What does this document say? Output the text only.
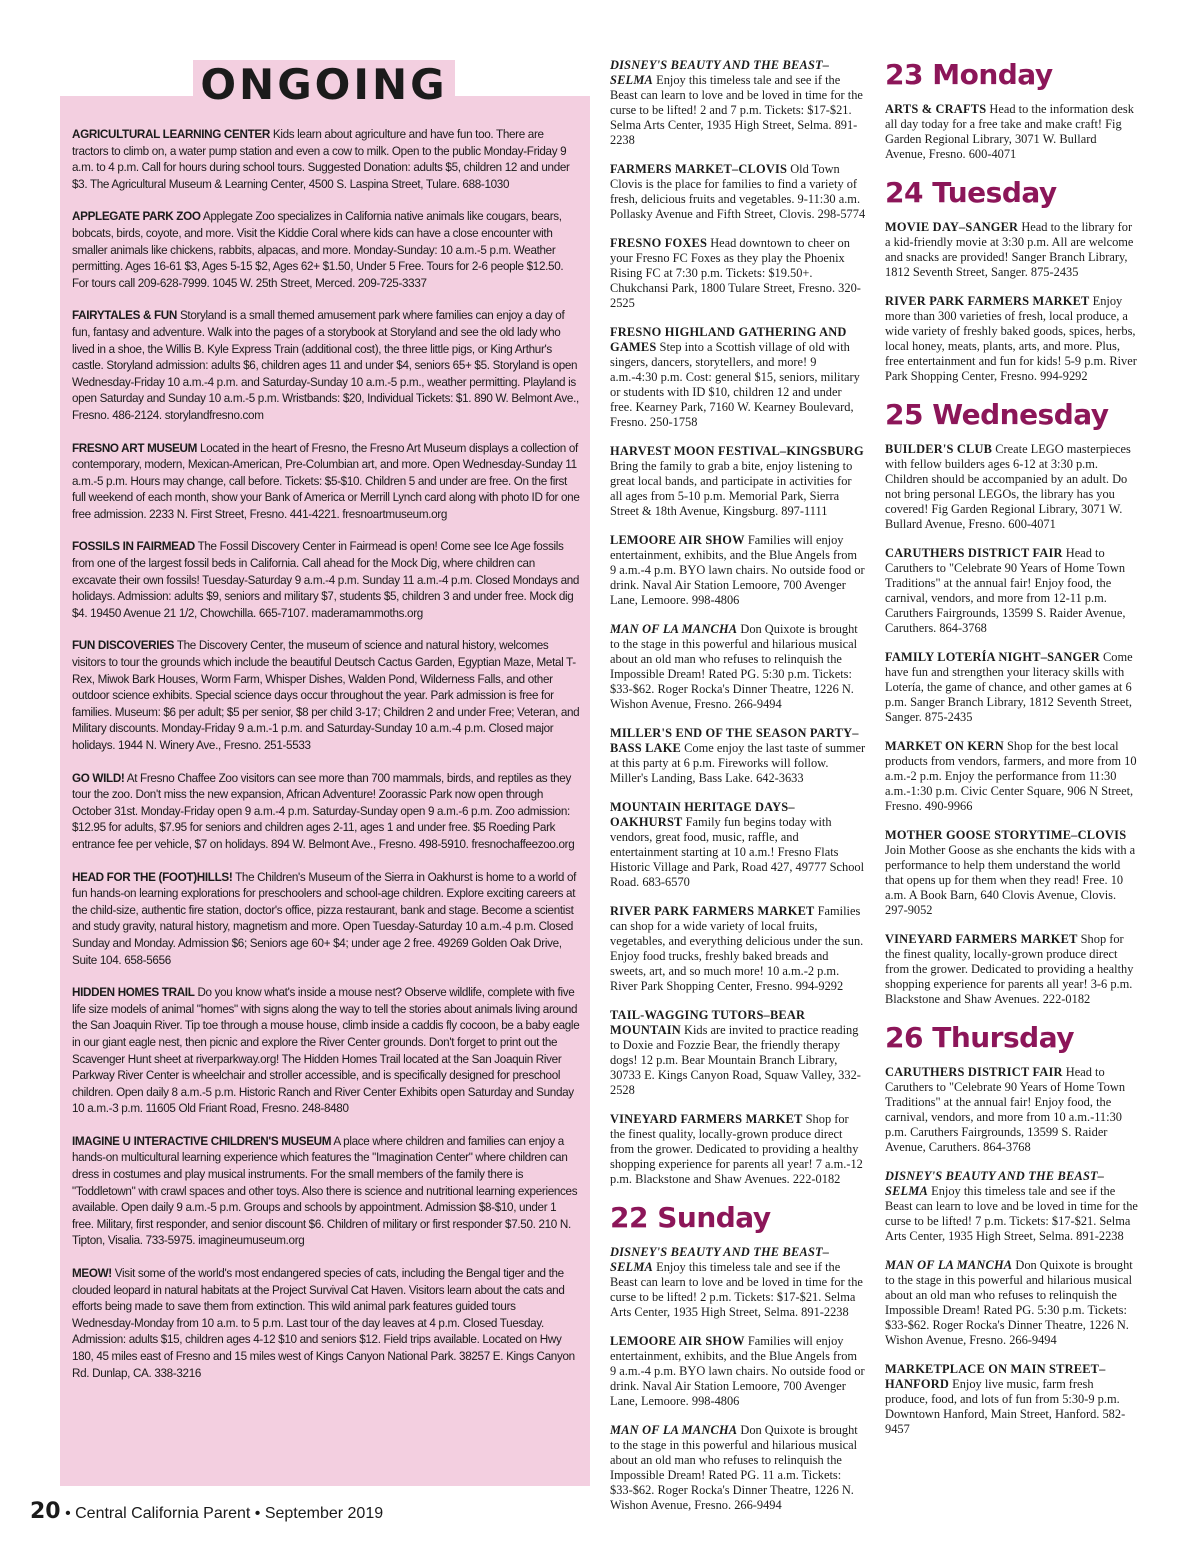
AGRICULTURAL LEARNING CENTER Kids learn about agriculture and have fun too. There are tractors to climb on, a water pump station and even a cow to milk. Open to the public Monday-Friday 9 a.m. to 4 p.m. Call for hours during school tours. Suggested Donation: adults $5, children 12 and under $3. The Agricultural Museum & Learning Center, 4500 S. Laspina Street, Tulare. 688-1030
APPLEGATE PARK ZOO Applegate Zoo specializes in California native animals like cougars, bears, bobcats, birds, coyote, and more. Visit the Kiddie Coral where kids can have a close encounter with smaller animals like chickens, rabbits, alpacas, and more. Monday-Sunday: 10 a.m.-5 p.m. Weather permitting. Ages 16-61 $3, Ages 5-15 $2, Ages 62+ $1.50, Under 5 Free. Tours for 2-6 people $12.50. For tours call 209-628-7999. 1045 W. 25th Street, Merced. 209-725-3337
FAIRYTALES & FUN Storyland is a small themed amusement park where families can enjoy a day of fun, fantasy and adventure. Walk into the pages of a storybook at Storyland and see the old lady who lived in a shoe, the Willis B. Kyle Express Train (additional cost), the three little pigs, or King Arthur's castle. Storyland admission: adults $6, children ages 11 and under $4, seniors 65+ $5. Storyland is open Wednesday-Friday 10 a.m.-4 p.m. and Saturday-Sunday 10 a.m.-5 p.m., weather permitting. Playland is open Saturday and Sunday 10 a.m.-5 p.m. Wristbands: $20, Individual Tickets: $1. 890 W. Belmont Ave., Fresno. 486-2124. storylandfresno.com
FRESNO ART MUSEUM Located in the heart of Fresno, the Fresno Art Museum displays a collection of contemporary, modern, Mexican-American, Pre-Columbian art, and more. Open Wednesday-Sunday 11 a.m.-5 p.m. Hours may change, call before. Tickets: $5-$10. Children 5 and under are free. On the first full weekend of each month, show your Bank of America or Merrill Lynch card along with photo ID for one free admission. 2233 N. First Street, Fresno. 441-4221. fresnoartmuseum.org
FOSSILS IN FAIRMEAD The Fossil Discovery Center in Fairmead is open! Come see Ice Age fossils from one of the largest fossil beds in California. Call ahead for the Mock Dig, where children can excavate their own fossils! Tuesday-Saturday 9 a.m.-4 p.m. Sunday 11 a.m.-4 p.m. Closed Mondays and holidays. Admission: adults $9, seniors and military $7, students $5, children 3 and under free. Mock dig $4. 19450 Avenue 21 1/2, Chowchilla. 665-7107. maderamammoths.org
FUN DISCOVERIES The Discovery Center, the museum of science and natural history, welcomes visitors to tour the grounds which include the beautiful Deutsch Cactus Garden, Egyptian Maze, Metal T-Rex, Miwok Bark Houses, Worm Farm, Whisper Dishes, Walden Pond, Wilderness Falls, and other outdoor science exhibits. Special science days occur throughout the year. Park admission is free for families. Museum: $6 per adult; $5 per senior, $8 per child 3-17; Children 2 and under Free; Veteran, and Military discounts. Monday-Friday 9 a.m.-1 p.m. and Saturday-Sunday 10 a.m.-4 p.m. Closed major holidays. 1944 N. Winery Ave., Fresno. 251-5533
GO WILD! At Fresno Chaffee Zoo visitors can see more than 700 mammals, birds, and reptiles as they tour the zoo. Don't miss the new expansion, African Adventure! Zoorassic Park now open through October 31st. Monday-Friday open 9 a.m.-4 p.m. Saturday-Sunday open 9 a.m.-6 p.m. Zoo admission: $12.95 for adults, $7.95 for seniors and children ages 2-11, ages 1 and under free. $5 Roeding Park entrance fee per vehicle, $7 on holidays. 894 W. Belmont Ave., Fresno. 498-5910. fresnochaffeezoo.org
HEAD FOR THE (FOOT)HILLS! The Children's Museum of the Sierra in Oakhurst is home to a world of fun hands-on learning explorations for preschoolers and school-age children. Explore exciting careers at the child-size, authentic fire station, doctor's office, pizza restaurant, bank and stage. Become a scientist and study gravity, natural history, magnetism and more. Open Tuesday-Saturday 10 a.m.-4 p.m. Closed Sunday and Monday. Admission $6; Seniors age 60+ $4; under age 2 free. 49269 Golden Oak Drive, Suite 104. 658-5656
HIDDEN HOMES TRAIL Do you know what's inside a mouse nest? Observe wildlife, complete with five life size models of animal "homes" with signs along the way to tell the stories about animals living around the San Joaquin River. Tip toe through a mouse house, climb inside a caddis fly cocoon, be a baby eagle in our giant eagle nest, then picnic and explore the River Center grounds. Don't forget to print out the Scavenger Hunt sheet at riverparkway.org! The Hidden Homes Trail located at the San Joaquin River Parkway River Center is wheelchair and stroller accessible, and is specifically designed for preschool children. Open daily 8 a.m.-5 p.m. Historic Ranch and River Center Exhibits open Saturday and Sunday 10 a.m.-3 p.m. 11605 Old Friant Road, Fresno. 248-8480
IMAGINE U INTERACTIVE CHILDREN'S MUSEUM A place where children and families can enjoy a hands-on multicultural learning experience which features the "Imagination Center" where children can dress in costumes and play musical instruments. For the small members of the family there is "Toddletown" with crawl spaces and other toys. Also there is science and nutritional learning experiences available. Open daily 9 a.m.-5 p.m. Groups and schools by appointment. Admission $8-$10, under 1 free. Military, first responder, and senior discount $6. Children of military or first responder $7.50. 210 N. Tipton, Visalia. 733-5975. imagineumuseum.org
MEOW! Visit some of the world's most endangered species of cats, including the Bengal tiger and the clouded leopard in natural habitats at the Project Survival Cat Haven. Visitors learn about the cats and efforts being made to save them from extinction. This wild animal park features guided tours Wednesday-Monday from 10 a.m. to 5 p.m. Last tour of the day leaves at 4 p.m. Closed Tuesday. Admission: adults $15, children ages 4-12 $10 and seniors $12. Field trips available. Located on Hwy 180, 45 miles east of Fresno and 15 miles west of Kings Canyon National Park. 38257 E. Kings Canyon Rd. Dunlap, CA. 338-3216
ONGOING	DISNEY'S BEAUTY AND THE BEAST–SELMA Enjoy this timeless tale and see if the Beast can learn to love and be loved in time for the curse to be lifted! 2 and 7 p.m. Tickets: $17-$21. Selma Arts Center, 1935 High Street, Selma. 891-2238
FARMERS MARKET–CLOVIS Old Town Clovis is the place for families to find a variety of fresh, delicious fruits and vegetables. 9-11:30 a.m. Pollasky Avenue and Fifth Street, Clovis. 298-5774
FRESNO FOXES Head downtown to cheer on your Fresno FC Foxes as they play the Phoenix Rising FC at 7:30 p.m. Tickets: $19.50+. Chukchansi Park, 1800 Tulare Street, Fresno. 320-2525
FRESNO HIGHLAND GATHERING AND GAMES Step into a Scottish village of old with singers, dancers, storytellers, and more! 9 a.m.-4:30 p.m. Cost: general $15, seniors, military or students with ID $10, children 12 and under free. Kearney Park, 7160 W. Kearney Boulevard, Fresno. 250-1758
HARVEST MOON FESTIVAL–KINGSBURG Bring the family to grab a bite, enjoy listening to great local bands, and participate in activities for all ages from 5-10 p.m. Memorial Park, Sierra Street & 18th Avenue, Kingsburg. 897-1111
LEMOORE AIR SHOW Families will enjoy entertainment, exhibits, and the Blue Angels from 9 a.m.-4 p.m. BYO lawn chairs. No outside food or drink. Naval Air Station Lemoore, 700 Avenger Lane, Lemoore. 998-4806
MAN OF LA MANCHA Don Quixote is brought to the stage in this powerful and hilarious musical about an old man who refuses to relinquish the Impossible Dream! Rated PG. 5:30 p.m. Tickets: $33-$62. Roger Rocka's Dinner Theatre, 1226 N. Wishon Avenue, Fresno. 266-9494
MILLER'S END OF THE SEASON PARTY–BASS LAKE Come enjoy the last taste of summer at this party at 6 p.m. Fireworks will follow. Miller's Landing, Bass Lake. 642-3633
MOUNTAIN HERITAGE DAYS–OAKHURST Family fun begins today with vendors, great food, music, raffle, and entertainment starting at 10 a.m.! Fresno Flats Historic Village and Park, Road 427, 49777 School Road. 683-6570
RIVER PARK FARMERS MARKET Families can shop for a wide variety of local fruits, vegetables, and everything delicious under the sun. Enjoy food trucks, freshly baked breads and sweets, art, and so much more! 10 a.m.-2 p.m. River Park Shopping Center, Fresno. 994-9292
TAIL-WAGGING TUTORS–BEAR MOUNTAIN Kids are invited to practice reading to Doxie and Fozzie Bear, the friendly therapy dogs! 12 p.m. Bear Mountain Branch Library, 30733 E. Kings Canyon Road, Squaw Valley, 332-2528
VINEYARD FARMERS MARKET Shop for the finest quality, locally-grown produce direct from the grower. Dedicated to providing a healthy shopping experience for parents all year! 7 a.m.-12 p.m. Blackstone and Shaw Avenues. 222-0182
22 Sunday
DISNEY'S BEAUTY AND THE BEAST–SELMA Enjoy this timeless tale and see if the Beast can learn to love and be loved in time for the curse to be lifted! 2 p.m. Tickets: $17-$21. Selma Arts Center, 1935 High Street, Selma. 891-2238
LEMOORE AIR SHOW Families will enjoy entertainment, exhibits, and the Blue Angels from 9 a.m.-4 p.m. BYO lawn chairs. No outside food or drink. Naval Air Station Lemoore, 700 Avenger Lane, Lemoore. 998-4806
MAN OF LA MANCHA Don Quixote is brought to the stage in this powerful and hilarious musical about an old man who refuses to relinquish the Impossible Dream! Rated PG. 11 a.m. Tickets: $33-$62. Roger Rocka's Dinner Theatre, 1226 N. Wishon Avenue, Fresno. 266-9494
23 Monday
ARTS & CRAFTS Head to the information desk all day today for a free take and make craft! Fig Garden Regional Library, 3071 W. Bullard Avenue, Fresno. 600-4071
24 Tuesday
MOVIE DAY–SANGER Head to the library for a kid-friendly movie at 3:30 p.m. All are welcome and snacks are provided! Sanger Branch Library, 1812 Seventh Street, Sanger. 875-2435
RIVER PARK FARMERS MARKET Enjoy more than 300 varieties of fresh, local produce, a wide variety of freshly baked goods, spices, herbs, local honey, meats, plants, arts, and more. Plus, free entertainment and fun for kids! 5-9 p.m. River Park Shopping Center, Fresno. 994-9292
25 Wednesday
BUILDER'S CLUB Create LEGO masterpieces with fellow builders ages 6-12 at 3:30 p.m. Children should be accompanied by an adult. Do not bring personal LEGOs, the library has you covered! Fig Garden Regional Library, 3071 W. Bullard Avenue, Fresno. 600-4071
CARUTHERS DISTRICT FAIR Head to Caruthers to "Celebrate 90 Years of Home Town Traditions" at the annual fair! Enjoy food, the carnival, vendors, and more from 12-11 p.m. Caruthers Fairgrounds, 13599 S. Raider Avenue, Caruthers. 864-3768
FAMILY LOTERÍA NIGHT–SANGER Come have fun and strengthen your literacy skills with Lotería, the game of chance, and other games at 6 p.m. Sanger Branch Library, 1812 Seventh Street, Sanger. 875-2435
MARKET ON KERN Shop for the best local products from vendors, farmers, and more from 10 a.m.-2 p.m. Enjoy the performance from 11:30 a.m.-1:30 p.m. Civic Center Square, 906 N Street, Fresno. 490-9966
MOTHER GOOSE STORYTIME–CLOVIS Join Mother Goose as she enchants the kids with a performance to help them understand the world that opens up for them when they read! Free. 10 a.m. A Book Barn, 640 Clovis Avenue, Clovis. 297-9052
VINEYARD FARMERS MARKET Shop for the finest quality, locally-grown produce direct from the grower. Dedicated to providing a healthy shopping experience for parents all year! 3-6 p.m. Blackstone and Shaw Avenues. 222-0182
26 Thursday
CARUTHERS DISTRICT FAIR Head to Caruthers to "Celebrate 90 Years of Home Town Traditions" at the annual fair! Enjoy food, the carnival, vendors, and more from 10 a.m.-11:30 p.m. Caruthers Fairgrounds, 13599 S. Raider Avenue, Caruthers. 864-3768
DISNEY'S BEAUTY AND THE BEAST–SELMA Enjoy this timeless tale and see if the Beast can learn to love and be loved in time for the curse to be lifted! 7 p.m. Tickets: $17-$21. Selma Arts Center, 1935 High Street, Selma. 891-2238
MAN OF LA MANCHA Don Quixote is brought to the stage in this powerful and hilarious musical about an old man who refuses to relinquish the Impossible Dream! Rated PG. 5:30 p.m. Tickets: $33-$62. Roger Rocka's Dinner Theatre, 1226 N. Wishon Avenue, Fresno. 266-9494
MARKETPLACE ON MAIN STREET–HANFORD Enjoy live music, farm fresh produce, food, and lots of fun from 5:30-9 p.m. Downtown Hanford, Main Street, Hanford. 582-9457
20 • Central California Parent • September 2019
